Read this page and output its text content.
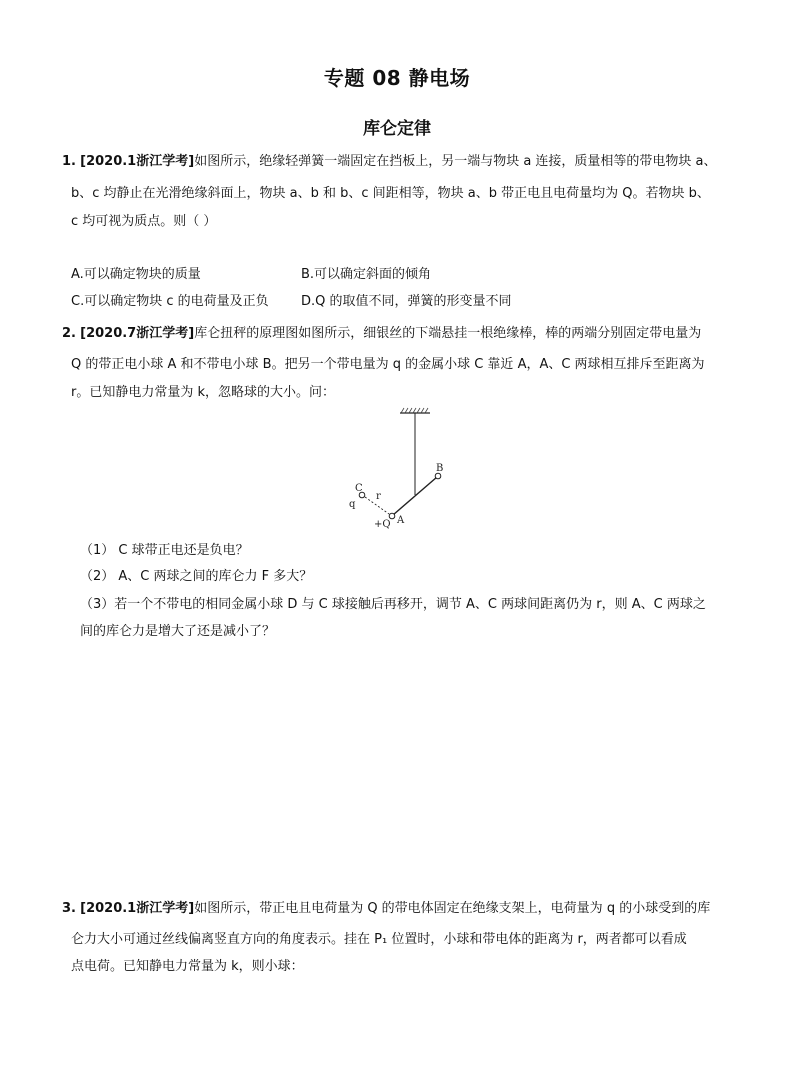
专题 08 静电场
库仑定律
1. [2020.1浙江学考]如图所示，绝缘轻弹簧一端固定在挡板上，另一端与物块 a 连接，质量相等的带电物块 a、
b、c 均静止在光滑绝缘斜面上，物块 a、b 和 b、c 间距相等，物块 a、b 带正电且电荷量均为 Q。若物块 b、
c 均可视为质点。则（ ）
A.可以确定物块的质量	B.可以确定斜面的倾角
C.可以确定物块 c 的电荷量及正负 D.Q 的取值不同，弹簧的形变量不同
2. [2020.7浙江学考]库仑扭秤的原理图如图所示，细银丝的下端悬挂一根绝缘棒，棒的两端分别固定带电量为
Q 的带正电小球 A 和不带电小球 B。把另一个带电量为 q 的金属小球 C 靠近 A，A、C 两球相互排斥至距离为
r。已知静电力常量为 k，忽略球的大小。问：
B
A
+Q
C
q
r
（1） C 球带正电还是负电？
（2） A、C 两球之间的库仑力 F 多大？
（3）若一个不带电的相同金属小球 D 与 C 球接触后再移开，调节 A、C 两球间距离仍为 r，则 A、C 两球之
间的库仑力是增大了还是减小了？
3. [2020.1浙江学考]如图所示，带正电且电荷量为 Q 的带电体固定在绝缘支架上，电荷量为 q 的小球受到的库
仑力大小可通过丝线偏离竖直方向的角度表示。挂在 P₁ 位置时，小球和带电体的距离为 r，两者都可以看成
点电荷。已知静电力常量为 k，则小球：
